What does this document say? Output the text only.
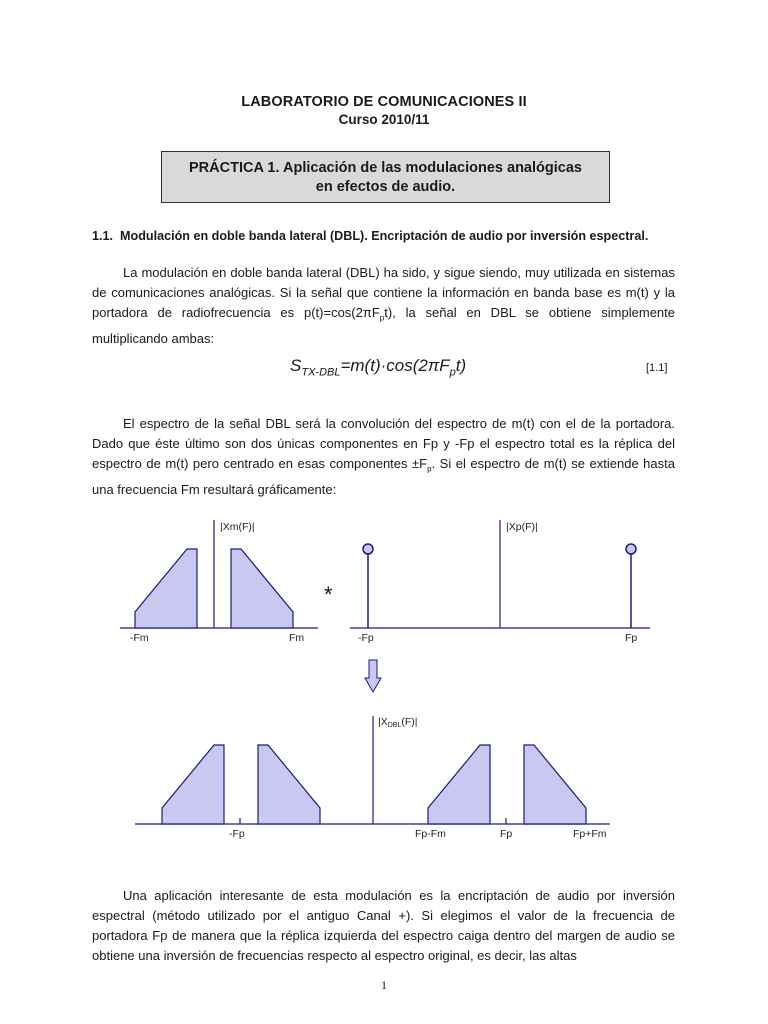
LABORATORIO DE COMUNICACIONES II
Curso 2010/11
PRÁCTICA 1. Aplicación de las modulaciones analógicas
en efectos de audio.
1.1. Modulación en doble banda lateral (DBL). Encriptación de audio por inversión espectral.

La modulación en doble banda lateral (DBL) ha sido, y sigue siendo, muy utilizada en sistemas de comunicaciones analógicas. Si la señal que contiene la información en banda base es m(t) y la portadora de radiofrecuencia es $p(t)=\cos(2\pi F_pt)$, la señal en DBL se obtiene simplemente multiplicando ambas:

$S_{TX-DBL}=m(t)\cdot\cos(2\pi F_pt)$	[1.1]

El espectro de la señal DBL será la convolución del espectro de m(t) con el de la portadora. Dado que éste último son dos únicas componentes en Fp y -Fp el espectro total es la réplica del espectro de m(t) pero centrado en esas componentes $\pm F_p$. Si el espectro de m(t) se extiende hasta una frecuencia Fm resultará gráficamente:

|Xm(F)|
-Fm	Fm
*
|Xp(F)|
-Fp	Fp
|XDBL(F)|
-Fp	Fp-Fm	Fp	Fp+Fm

Una aplicación interesante de esta modulación es la encriptación de audio por inversión espectral (método utilizado por el antiguo Canal +). Si elegimos el valor de la frecuencia de portadora Fp de manera que la réplica izquierda del espectro caiga dentro del margen de audio se obtiene una inversión de frecuencias respecto al espectro original, es decir, las altas

1
